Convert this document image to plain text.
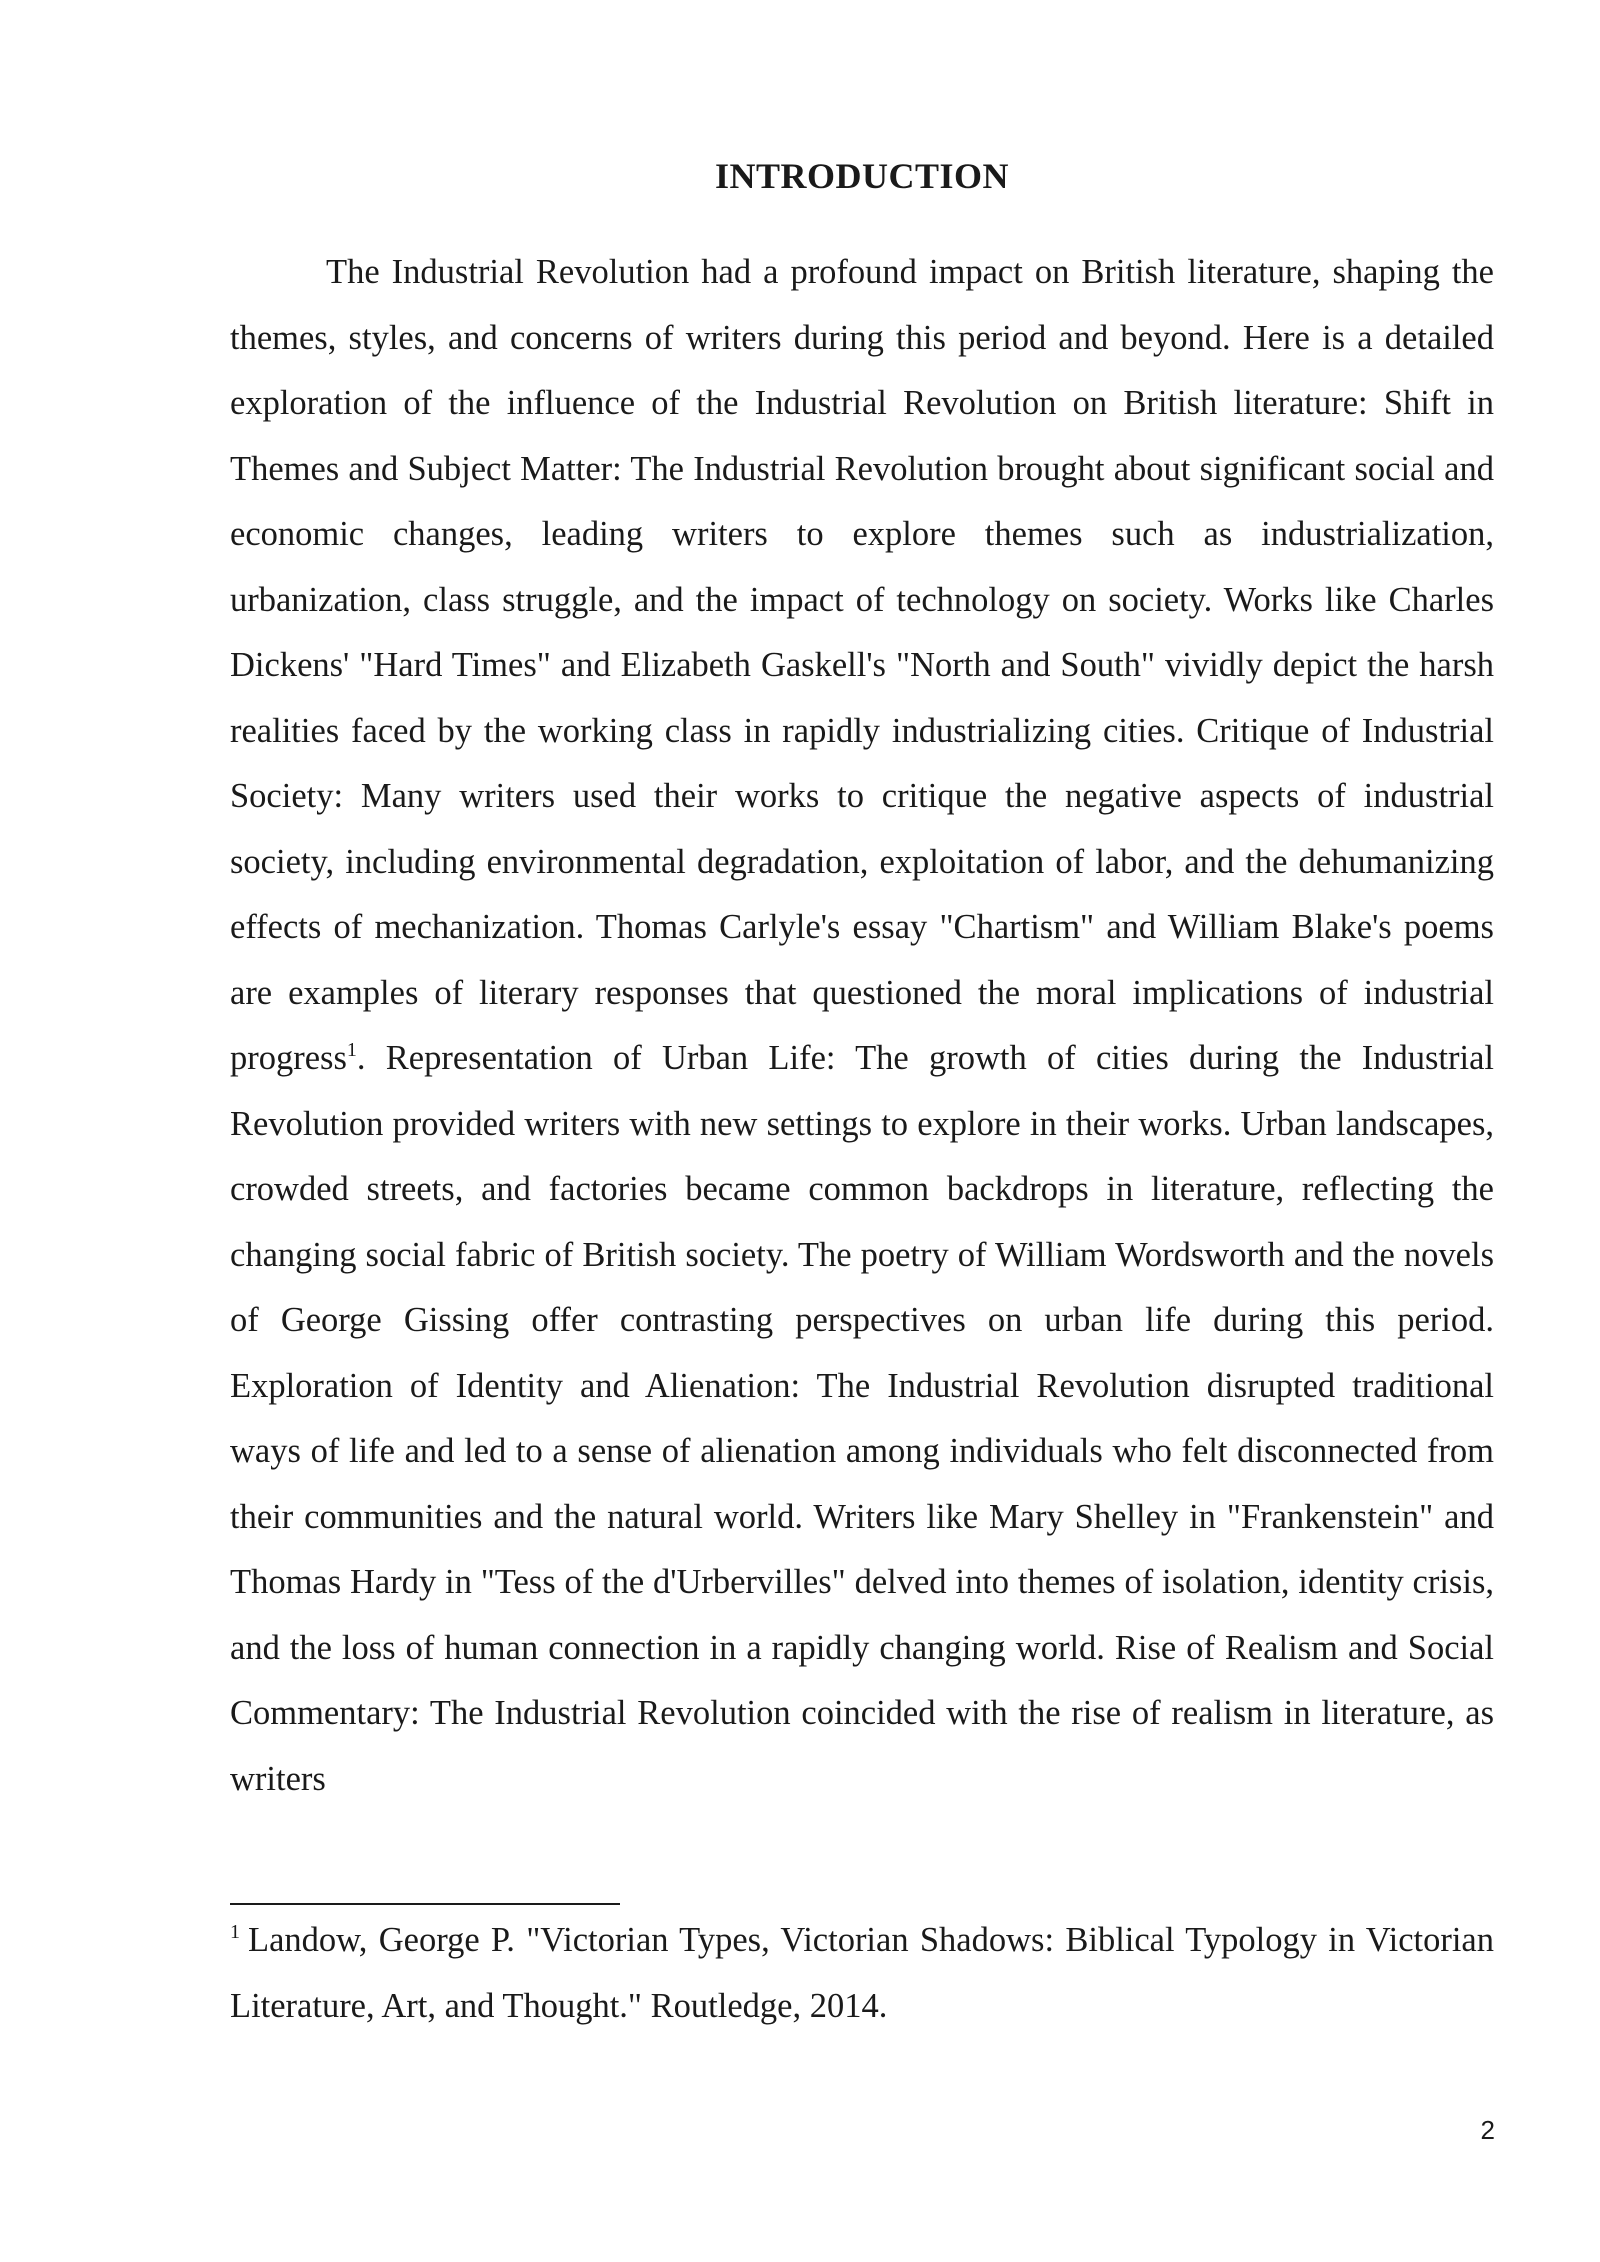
INTRODUCTION

The Industrial Revolution had a profound impact on British literature, shaping the themes, styles, and concerns of writers during this period and beyond. Here is a detailed exploration of the influence of the Industrial Revolution on British literature: Shift in Themes and Subject Matter: The Industrial Revolution brought about significant social and economic changes, leading writers to explore themes such as industrialization, urbanization, class struggle, and the impact of technology on society. Works like Charles Dickens' "Hard Times" and Elizabeth Gaskell's "North and South" vividly depict the harsh realities faced by the working class in rapidly industrializing cities. Critique of Industrial Society: Many writers used their works to critique the negative aspects of industrial society, including environmental degradation, exploitation of labor, and the dehumanizing effects of mechanization. Thomas Carlyle's essay "Chartism" and William Blake's poems are examples of literary responses that questioned the moral implications of industrial progress$^1$. Representation of Urban Life: The growth of cities during the Industrial Revolution provided writers with new settings to explore in their works. Urban landscapes, crowded streets, and factories became common backdrops in literature, reflecting the changing social fabric of British society. The poetry of William Wordsworth and the novels of George Gissing offer contrasting perspectives on urban life during this period. Exploration of Identity and Alienation: The Industrial Revolution disrupted traditional ways of life and led to a sense of alienation among individuals who felt disconnected from their communities and the natural world. Writers like Mary Shelley in "Frankenstein" and Thomas Hardy in "Tess of the d'Urbervilles" delved into themes of isolation, identity crisis, and the loss of human connection in a rapidly changing world. Rise of Realism and Social Commentary: The Industrial Revolution coincided with the rise of realism in literature, as writers

$^1$ Landow, George P. "Victorian Types, Victorian Shadows: Biblical Typology in Victorian Literature, Art, and Thought." Routledge, 2014.

2
